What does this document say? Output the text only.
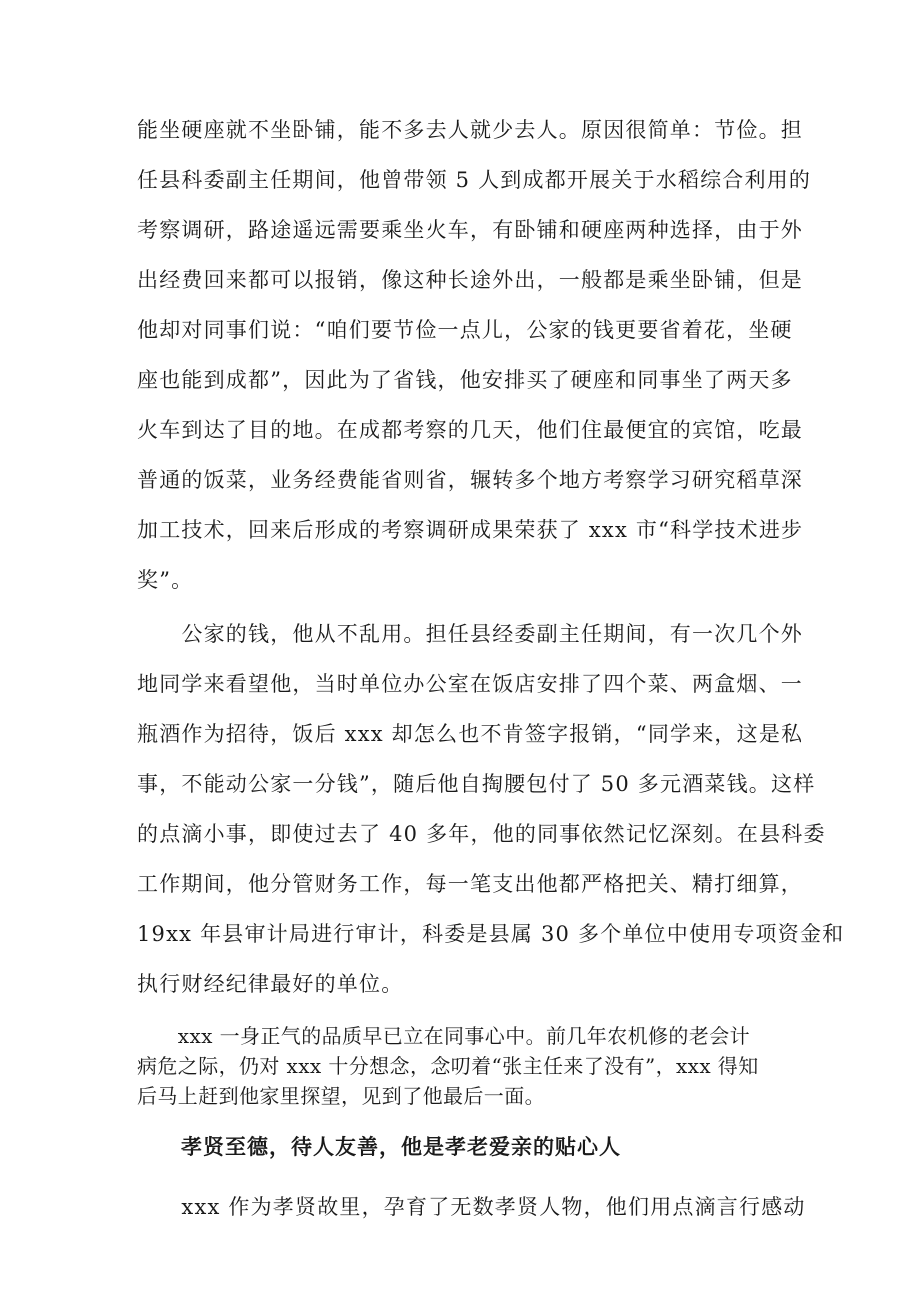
能坐硬座就不坐卧铺，能不多去人就少去人。原因很简单：节俭。担
任县科委副主任期间，他曾带领 5 人到成都开展关于水稻综合利用的
考察调研，路途遥远需要乘坐火车，有卧铺和硬座两种选择，由于外
出经费回来都可以报销，像这种长途外出，一般都是乘坐卧铺，但是
他却对同事们说：“咱们要节俭一点儿，公家的钱更要省着花，坐硬
座也能到成都”，因此为了省钱，他安排买了硬座和同事坐了两天多
火车到达了目的地。在成都考察的几天，他们住最便宜的宾馆，吃最
普通的饭菜，业务经费能省则省，辗转多个地方考察学习研究稻草深
加工技术，回来后形成的考察调研成果荣获了 xxx 市“科学技术进步
奖”。
　　公家的钱，他从不乱用。担任县经委副主任期间，有一次几个外
地同学来看望他，当时单位办公室在饭店安排了四个菜、两盒烟、一
瓶酒作为招待，饭后 xxx 却怎么也不肯签字报销，“同学来，这是私
事，不能动公家一分钱”，随后他自掏腰包付了 50 多元酒菜钱。这样
的点滴小事，即使过去了 40 多年，他的同事依然记忆深刻。在县科委
工作期间，他分管财务工作，每一笔支出他都严格把关、精打细算，
19xx 年县审计局进行审计，科委是县属 30 多个单位中使用专项资金和
执行财经纪律最好的单位。
　　xxx 一身正气的品质早已立在同事心中。前几年农机修的老会计
病危之际，仍对 xxx 十分想念，念叨着“张主任来了没有”，xxx 得知
后马上赶到他家里探望，见到了他最后一面。
孝贤至德，待人友善，他是孝老爱亲的贴心人
　　xxx 作为孝贤故里，孕育了无数孝贤人物，他们用点滴言行感动
